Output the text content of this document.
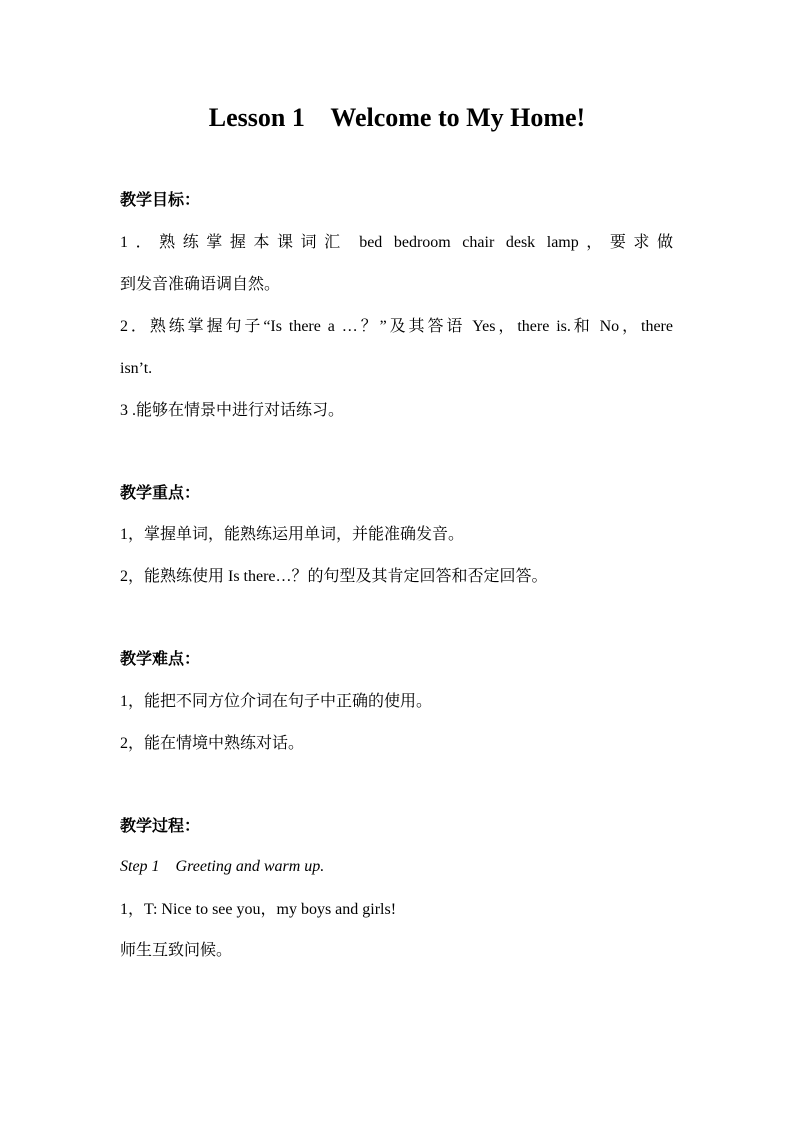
Lesson 1    Welcome to My Home!
教学目标：
1．熟练掌握本课词汇 bed bedroom chair desk lamp，要求做
到发音准确语调自然。
2．熟练掌握句子“Is there a …？”及其答语 Yes，there is.和 No，there
isn’t.
3 .能够在情景中进行对话练习。
教学重点：
1，掌握单词，能熟练运用单词，并能准确发音。
2，能熟练使用 Is there…？的句型及其肯定回答和否定回答。
教学难点：
1，能把不同方位介词在句子中正确的使用。
2，能在情境中熟练对话。
教学过程：
Step 1    Greeting and warm up.
1，T: Nice to see you，my boys and girls!
师生互致问候。
